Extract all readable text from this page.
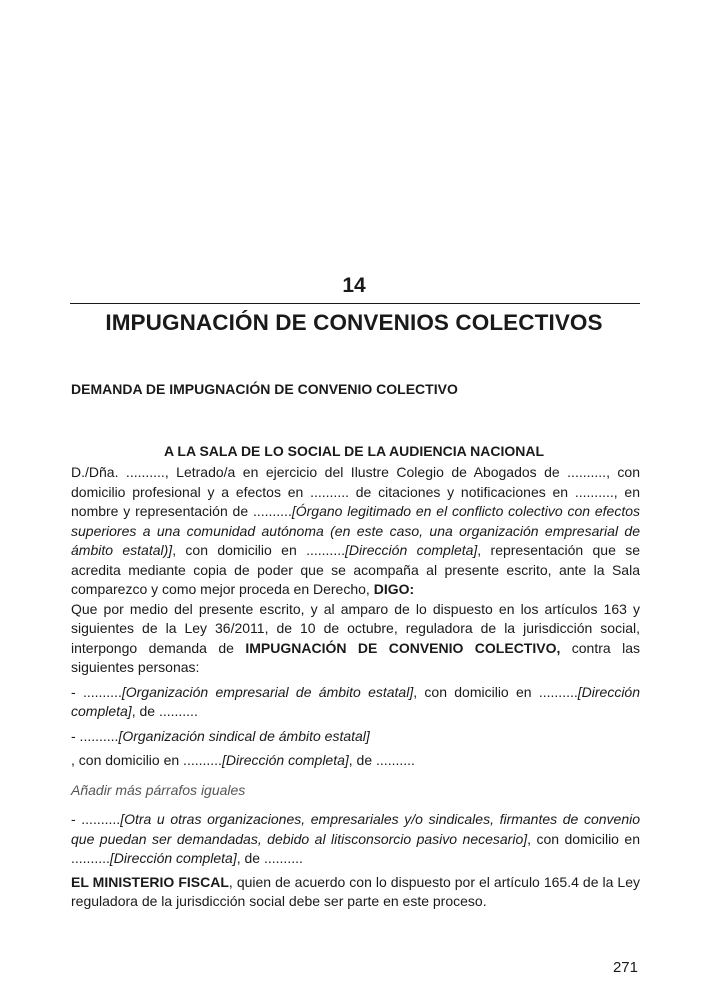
14
IMPUGNACIÓN DE CONVENIOS COLECTIVOS
DEMANDA DE IMPUGNACIÓN DE CONVENIO COLECTIVO
A LA SALA DE LO SOCIAL DE LA AUDIENCIA NACIONAL

D./Dña. .........., Letrado/a en ejercicio del Ilustre Colegio de Abogados de .........., con domicilio profesional y a efectos en .......... de citaciones y notificaciones en .........., en nombre y representación de ..........[Órgano legitimado en el conflicto colectivo con efectos superiores a una comunidad autónoma (en este caso, una organización empresarial de ámbito estatal)], con domicilio en ..........[Dirección completa], representación que se acredita mediante copia de poder que se acompaña al presente escrito, ante la Sala comparezco y como mejor proceda en Derecho, DIGO:

Que por medio del presente escrito, y al amparo de lo dispuesto en los artículos 163 y siguientes de la Ley 36/2011, de 10 de octubre, reguladora de la jurisdicción social, interpongo demanda de IMPUGNACIÓN DE CONVENIO COLECTIVO, contra las siguientes personas:

- ..........[Organización empresarial de ámbito estatal], con domicilio en ..........[Dirección completa], de ..........

- ..........[Organización sindical de ámbito estatal]

, con domicilio en ..........[Dirección completa], de ..........

Añadir más párrafos iguales

- ..........[Otra u otras organizaciones, empresariales y/o sindicales, firmantes de convenio que puedan ser demandadas, debido al litisconsorcio pasivo necesario], con domicilio en ..........[Dirección completa], de ..........

EL MINISTERIO FISCAL, quien de acuerdo con lo dispuesto por el artículo 165.4 de la Ley reguladora de la jurisdicción social debe ser parte en este proceso.

271
